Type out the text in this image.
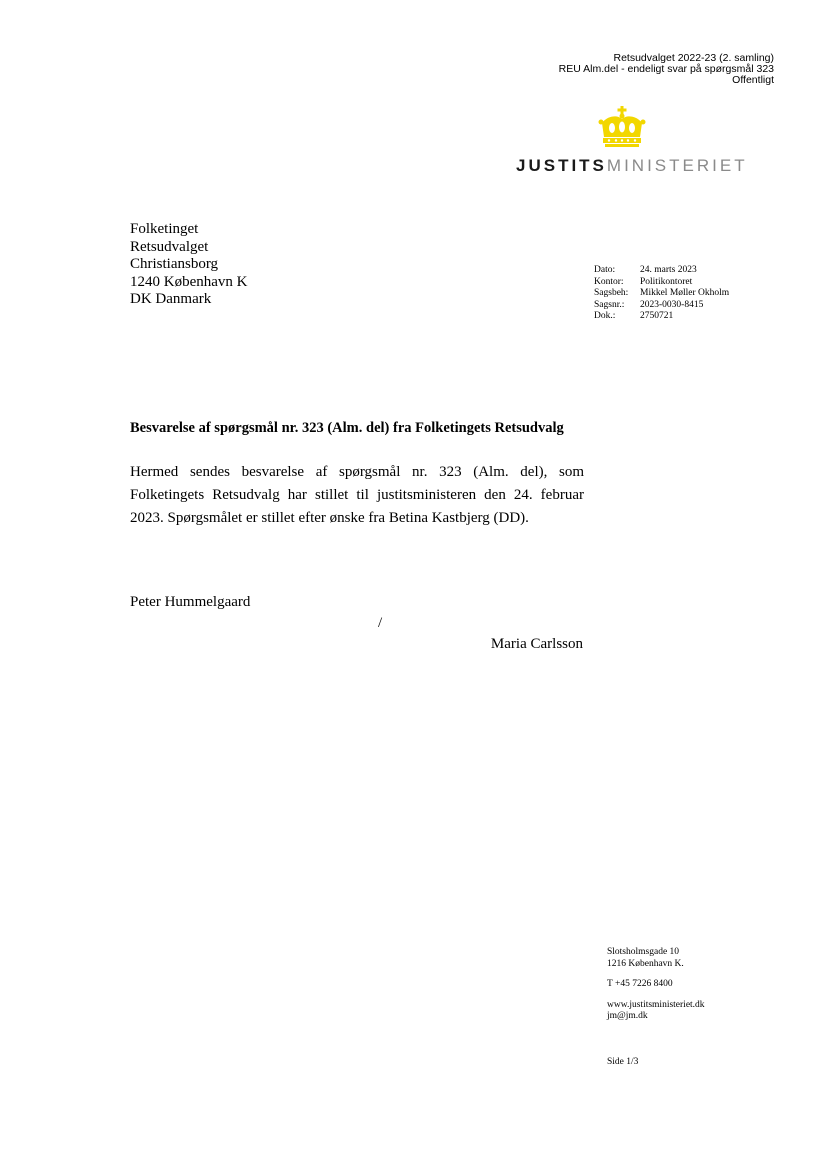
Retsudvalget 2022-23 (2. samling)
REU Alm.del - endeligt svar på spørgsmål 323
Offentligt
JUSTITSMINISTERIET
Folketinget
Retsudvalget
Christiansborg
1240 København K
DK Danmark
Dato:	24. marts 2023
Kontor:	Politikontoret
Sagsbeh:	Mikkel Møller Okholm
Sagsnr.:	2023-0030-8415
Dok.:	2750721
Besvarelse af spørgsmål nr. 323 (Alm. del) fra Folketingets Retsudvalg

Hermed sendes besvarelse af spørgsmål nr. 323 (Alm. del), som Folketingets Retsudvalg har stillet til justitsministeren den 24. februar 2023. Spørgsmålet er stillet efter ønske fra Betina Kastbjerg (DD).

Peter Hummelgaard
/
Maria Carlsson
Slotsholmsgade 10
1216 København K.
T +45 7226 8400
www.justitsministeriet.dk
jm@jm.dk
Side 1/3
